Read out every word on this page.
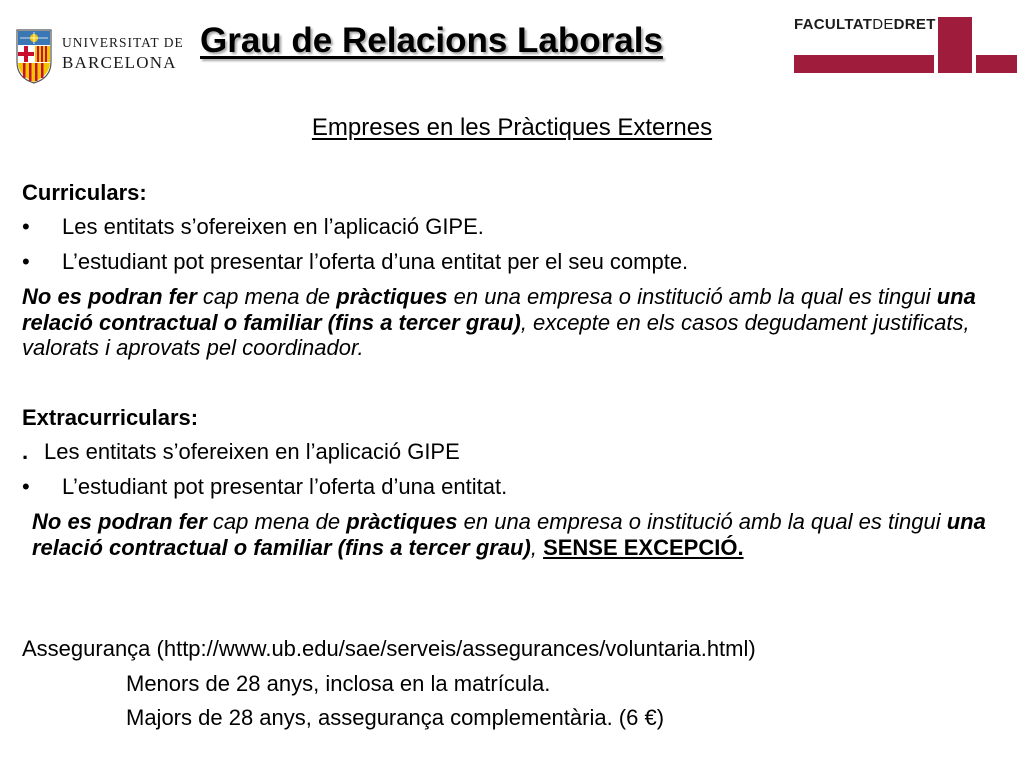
UNIVERSITAT DE
BARCELONA
Grau de Relacions Laborals	FACULTATDEDRET
Empreses en les Pràctiques Externes
Curriculars:
• Les entitats s’ofereixen en l’aplicació GIPE.
• L’estudiant pot presentar l’oferta d’una entitat per el seu compte.
No es podran fer cap mena de pràctiques en una empresa o institució amb la qual es tingui una relació contractual o familiar (fins a tercer grau), excepte en els casos degudament justificats, valorats i aprovats pel coordinador.
Extracurriculars:
. Les entitats s’ofereixen en l’aplicació GIPE
• L’estudiant pot presentar l’oferta d’una entitat.
No es podran fer cap mena de pràctiques en una empresa o institució amb la qual es tingui una relació contractual o familiar (fins a tercer grau), SENSE EXCEPCIÓ.
Assegurança (http://www.ub.edu/sae/serveis/assegurances/voluntaria.html)
Menors de 28 anys, inclosa en la matrícula.
Majors de 28 anys, assegurança complementària. (6 €)
